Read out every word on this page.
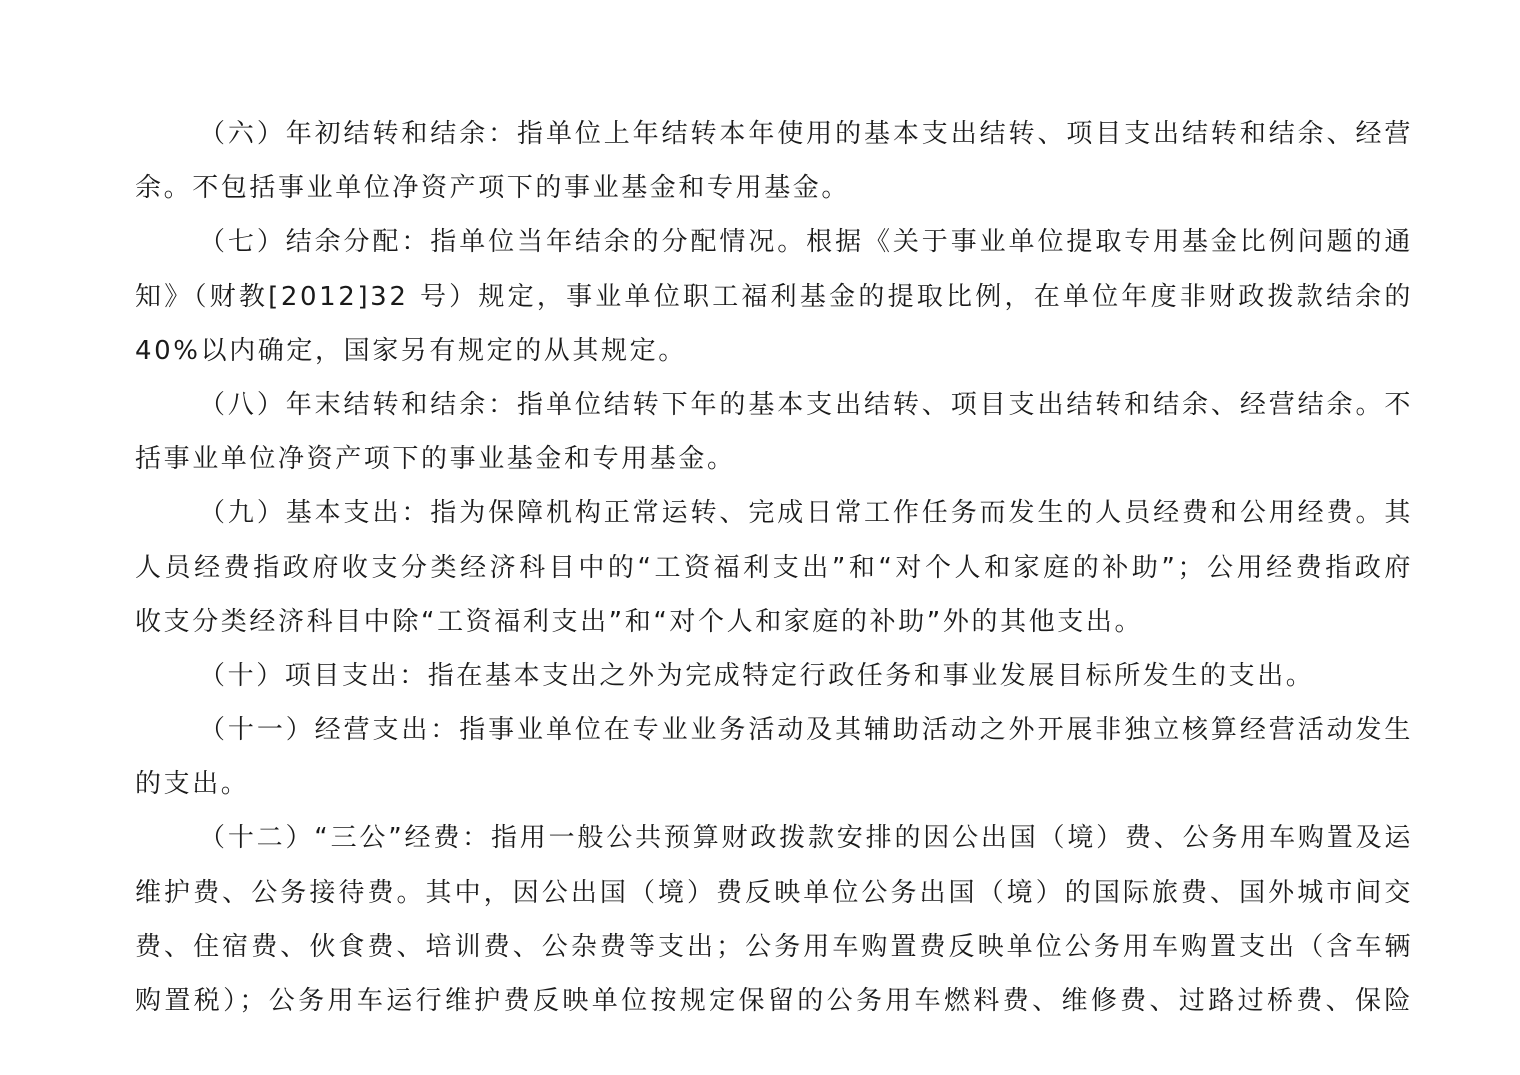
（六）年初结转和结余：指单位上年结转本年使用的基本支出结转、项目支出结转和结余、经营
余。不包括事业单位净资产项下的事业基金和专用基金。

（七）结余分配：指单位当年结余的分配情况。根据《关于事业单位提取专用基金比例问题的通
知》（财教[2012]32 号）规定，事业单位职工福利基金的提取比例，在单位年度非财政拨款结余的
40%以内确定，国家另有规定的从其规定。

（八）年末结转和结余：指单位结转下年的基本支出结转、项目支出结转和结余、经营结余。不
括事业单位净资产项下的事业基金和专用基金。

（九）基本支出：指为保障机构正常运转、完成日常工作任务而发生的人员经费和公用经费。其
人员经费指政府收支分类经济科目中的“工资福利支出”和“对个人和家庭的补助”；公用经费指政府
收支分类经济科目中除“工资福利支出”和“对个人和家庭的补助”外的其他支出。

（十）项目支出：指在基本支出之外为完成特定行政任务和事业发展目标所发生的支出。

（十一）经营支出：指事业单位在专业业务活动及其辅助活动之外开展非独立核算经营活动发生
的支出。

（十二）“三公”经费：指用一般公共预算财政拨款安排的因公出国（境）费、公务用车购置及运
维护费、公务接待费。其中，因公出国（境）费反映单位公务出国（境）的国际旅费、国外城市间交
费、住宿费、伙食费、培训费、公杂费等支出；公务用车购置费反映单位公务用车购置支出（含车辆
购置税）；公务用车运行维护费反映单位按规定保留的公务用车燃料费、维修费、过路过桥费、保险
